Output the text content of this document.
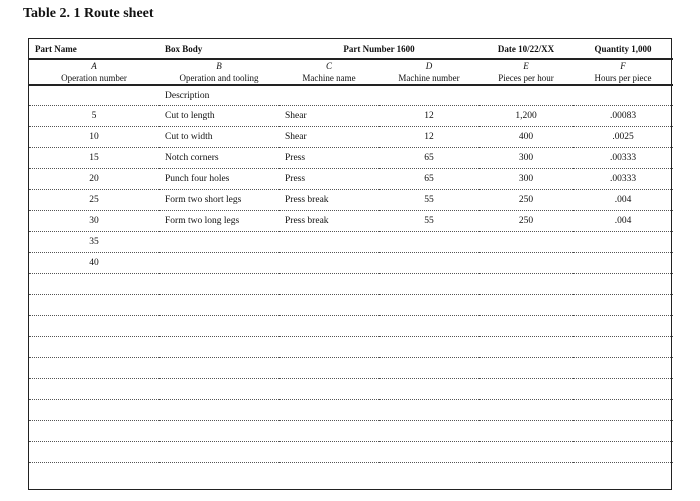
Table 2. 1 Route sheet
Part Name	Box Body	Part Number 1600		Date 10/22/XX	Quantity 1,000
A	B	C	D	E	F
Operation number	Operation and tooling	Machine name	Machine number	Pieces per hour	Hours per piece
	Description				
5	Cut to length	Shear	12	1,200	.00083
10	Cut to width	Shear	12	400	.0025
15	Notch corners	Press	65	300	.00333
20	Punch four holes	Press	65	300	.00333
25	Form two short legs	Press break	55	250	.004
30	Form two long legs	Press break	55	250	.004
35					
40					
